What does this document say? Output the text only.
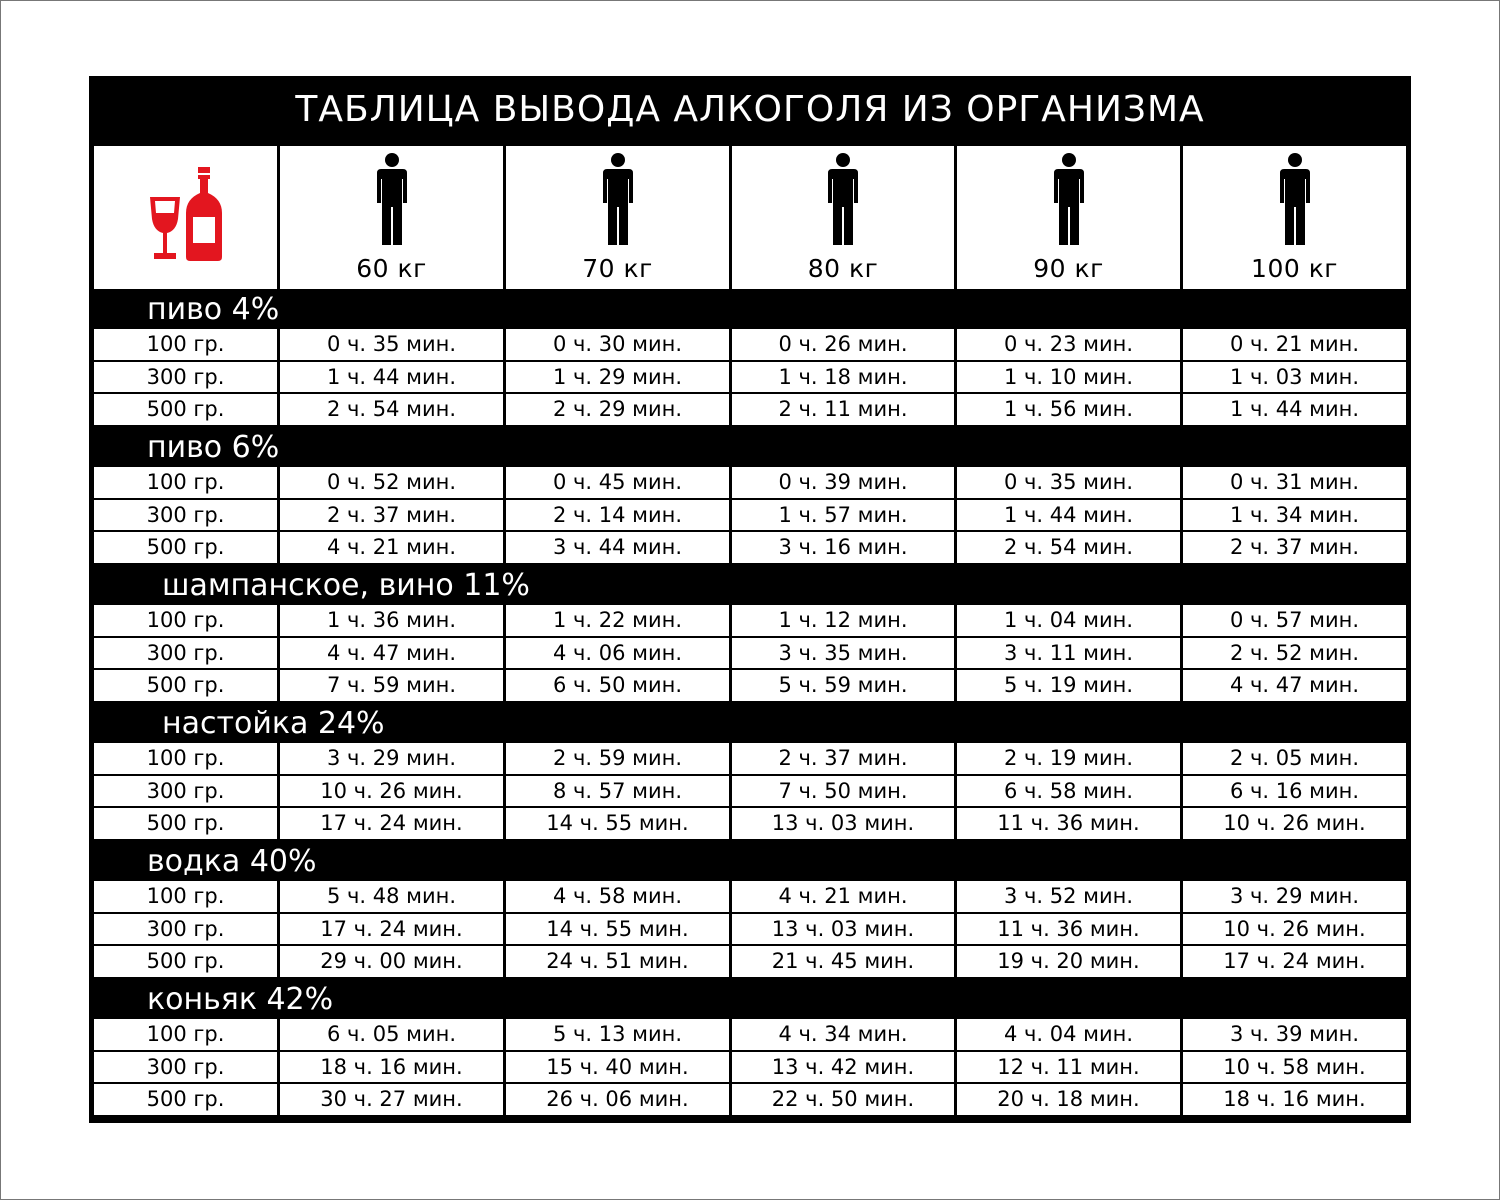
ТАБЛИЦА ВЫВОДА АЛКОГОЛЯ ИЗ ОРГАНИЗМА
60 кг	70 кг	80 кг	90 кг	100 кг
пиво 4%
100 гр.	0 ч. 35 мин.	0 ч. 30 мин.	0 ч. 26 мин.	0 ч. 23 мин.	0 ч. 21 мин.
300 гр.	1 ч. 44 мин.	1 ч. 29 мин.	1 ч. 18 мин.	1 ч. 10 мин.	1 ч. 03 мин.
500 гр.	2 ч. 54 мин.	2 ч. 29 мин.	2 ч. 11 мин.	1 ч. 56 мин.	1 ч. 44 мин.
пиво 6%
100 гр.	0 ч. 52 мин.	0 ч. 45 мин.	0 ч. 39 мин.	0 ч. 35 мин.	0 ч. 31 мин.
300 гр.	2 ч. 37 мин.	2 ч. 14 мин.	1 ч. 57 мин.	1 ч. 44 мин.	1 ч. 34 мин.
500 гр.	4 ч. 21 мин.	3 ч. 44 мин.	3 ч. 16 мин.	2 ч. 54 мин.	2 ч. 37 мин.
шампанское, вино 11%
100 гр.	1 ч. 36 мин.	1 ч. 22 мин.	1 ч. 12 мин.	1 ч. 04 мин.	0 ч. 57 мин.
300 гр.	4 ч. 47 мин.	4 ч. 06 мин.	3 ч. 35 мин.	3 ч. 11 мин.	2 ч. 52 мин.
500 гр.	7 ч. 59 мин.	6 ч. 50 мин.	5 ч. 59 мин.	5 ч. 19 мин.	4 ч. 47 мин.
настойка 24%
100 гр.	3 ч. 29 мин.	2 ч. 59 мин.	2 ч. 37 мин.	2 ч. 19 мин.	2 ч. 05 мин.
300 гр.	10 ч. 26 мин.	8 ч. 57 мин.	7 ч. 50 мин.	6 ч. 58 мин.	6 ч. 16 мин.
500 гр.	17 ч. 24 мин.	14 ч. 55 мин.	13 ч. 03 мин.	11 ч. 36 мин.	10 ч. 26 мин.
водка 40%
100 гр.	5 ч. 48 мин.	4 ч. 58 мин.	4 ч. 21 мин.	3 ч. 52 мин.	3 ч. 29 мин.
300 гр.	17 ч. 24 мин.	14 ч. 55 мин.	13 ч. 03 мин.	11 ч. 36 мин.	10 ч. 26 мин.
500 гр.	29 ч. 00 мин.	24 ч. 51 мин.	21 ч. 45 мин.	19 ч. 20 мин.	17 ч. 24 мин.
коньяк 42%
100 гр.	6 ч. 05 мин.	5 ч. 13 мин.	4 ч. 34 мин.	4 ч. 04 мин.	3 ч. 39 мин.
300 гр.	18 ч. 16 мин.	15 ч. 40 мин.	13 ч. 42 мин.	12 ч. 11 мин.	10 ч. 58 мин.
500 гр.	30 ч. 27 мин.	26 ч. 06 мин.	22 ч. 50 мин.	20 ч. 18 мин.	18 ч. 16 мин.
